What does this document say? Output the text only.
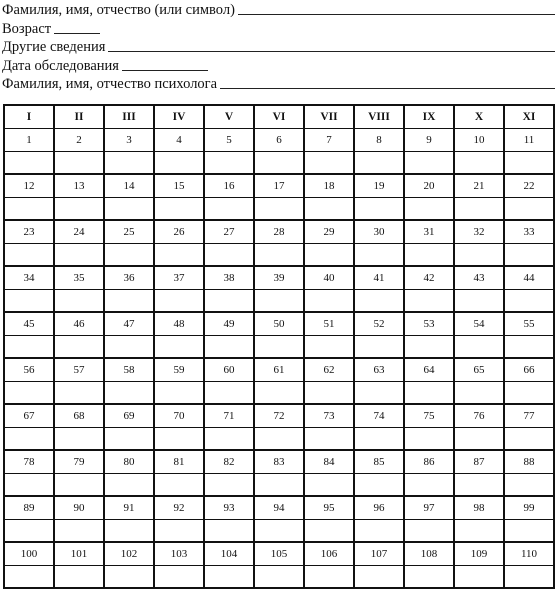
Фамилия, имя, отчество (или символ)
Возраст
Другие сведения
Дата обследования
Фамилия, имя, отчество психолога
I	II	III	IV	V	VI	VII	VIII	IX	X	XI
1	2	3	4	5	6	7	8	9	10	11

12	13	14	15	16	17	18	19	20	21	22

23	24	25	26	27	28	29	30	31	32	33

34	35	36	37	38	39	40	41	42	43	44

45	46	47	48	49	50	51	52	53	54	55

56	57	58	59	60	61	62	63	64	65	66

67	68	69	70	71	72	73	74	75	76	77

78	79	80	81	82	83	84	85	86	87	88

89	90	91	92	93	94	95	96	97	98	99

100	101	102	103	104	105	106	107	108	109	110
